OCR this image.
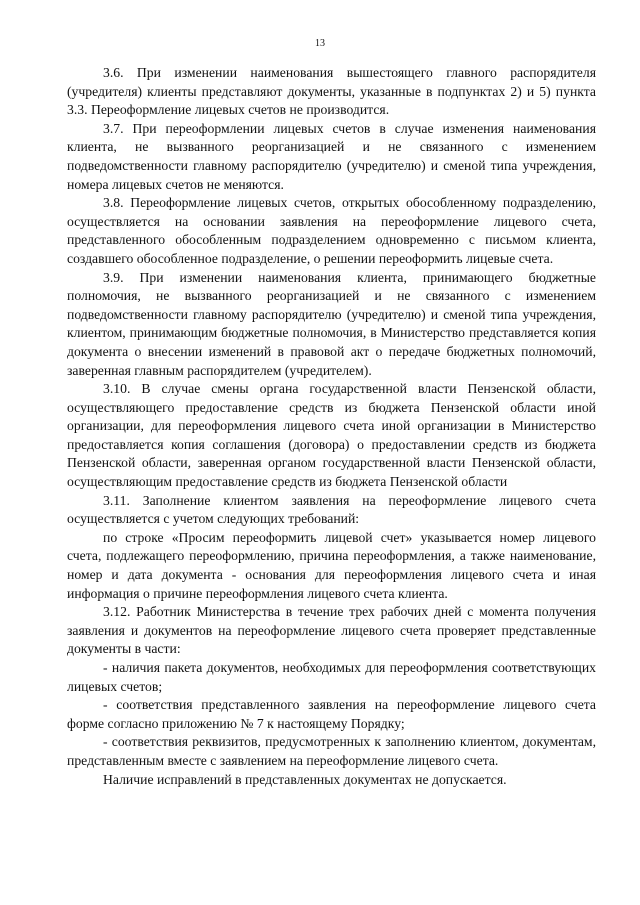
13

3.6. При изменении наименования вышестоящего главного распорядителя (учредителя) клиенты представляют документы, указанные в подпунктах 2) и 5) пункта 3.3. Переоформление лицевых счетов не производится.

3.7. При переоформлении лицевых счетов в случае изменения наименования клиента, не вызванного реорганизацией и не связанного с изменением подведомственности главному распорядителю (учредителю) и сменой типа учреждения, номера лицевых счетов не меняются.

3.8. Переоформление лицевых счетов, открытых обособленному подразделению, осуществляется на основании заявления на переоформление лицевого счета, представленного обособленным подразделением одновременно с письмом клиента, создавшего обособленное подразделение, о решении переоформить лицевые счета.

3.9. При изменении наименования клиента, принимающего бюджетные полномочия, не вызванного реорганизацией и не связанного с изменением подведомственности главному распорядителю (учредителю) и сменой типа учреждения, клиентом, принимающим бюджетные полномочия, в Министерство представляется копия документа о внесении изменений в правовой акт о передаче бюджетных полномочий, заверенная главным распорядителем (учредителем).

3.10. В случае смены органа государственной власти Пензенской области, осуществляющего предоставление средств из бюджета Пензенской области иной организации, для переоформления лицевого счета иной организации в Министерство предоставляется копия соглашения (договора) о предоставлении средств из бюджета Пензенской области, заверенная органом государственной власти Пензенской области, осуществляющим предоставление средств из бюджета Пензенской области

3.11. Заполнение клиентом заявления на переоформление лицевого счета осуществляется с учетом следующих требований:

по строке «Просим переоформить лицевой счет» указывается номер лицевого счета, подлежащего переоформлению, причина переоформления, а также наименование, номер и дата документа - основания для переоформления лицевого счета и иная информация о причине переоформления лицевого счета клиента.

3.12. Работник Министерства в течение трех рабочих дней с момента получения заявления и документов на переоформление лицевого счета проверяет представленные документы в части:

- наличия пакета документов, необходимых для переоформления соответствующих лицевых счетов;

- соответствия представленного заявления на переоформление лицевого счета форме согласно приложению № 7 к настоящему Порядку;

- соответствия реквизитов, предусмотренных к заполнению клиентом, документам, представленным вместе с заявлением на переоформление лицевого счета.

Наличие исправлений в представленных документах не допускается.
